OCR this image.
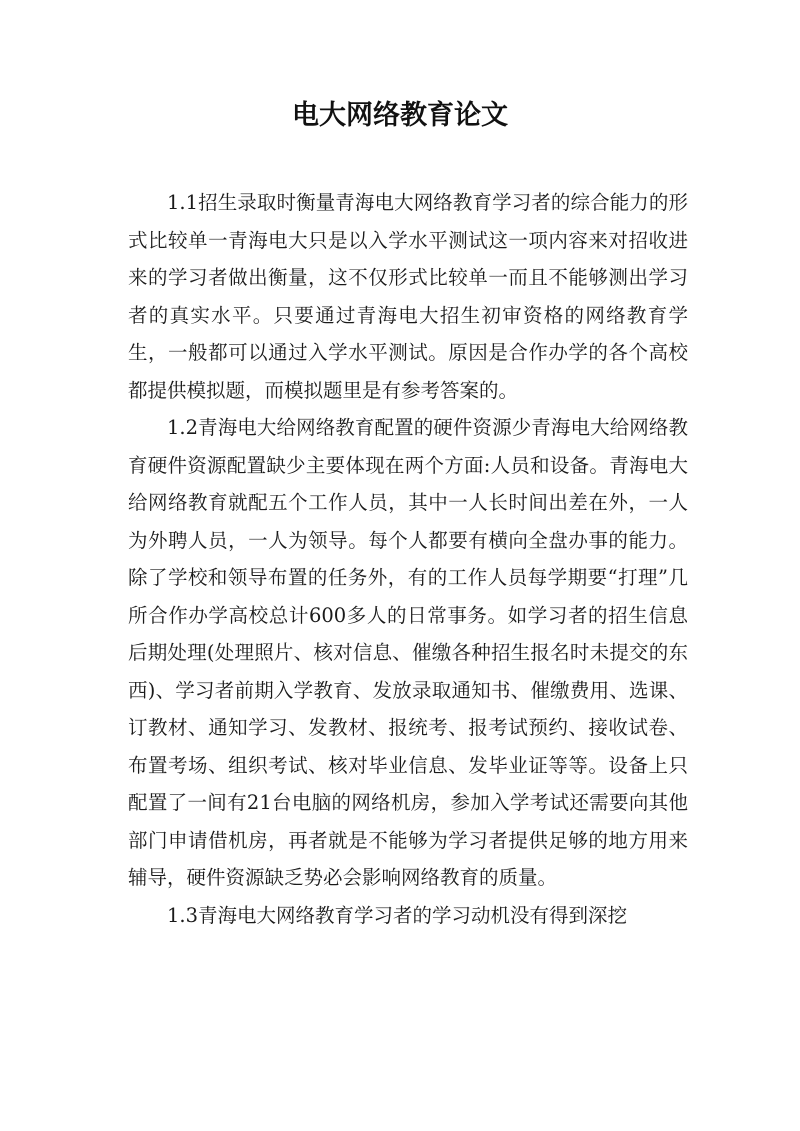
电大网络教育论文

1.1招生录取时衡量青海电大网络教育学习者的综合能力的形式比较单一青海电大只是以入学水平测试这一项内容来对招收进来的学习者做出衡量，这不仅形式比较单一而且不能够测出学习者的真实水平。只要通过青海电大招生初审资格的网络教育学生，一般都可以通过入学水平测试。原因是合作办学的各个高校都提供模拟题，而模拟题里是有参考答案的。

1.2青海电大给网络教育配置的硬件资源少青海电大给网络教育硬件资源配置缺少主要体现在两个方面:人员和设备。青海电大给网络教育就配五个工作人员，其中一人长时间出差在外，一人为外聘人员，一人为领导。每个人都要有横向全盘办事的能力。除了学校和领导布置的任务外，有的工作人员每学期要“打理”几所合作办学高校总计600多人的日常事务。如学习者的招生信息后期处理(处理照片、核对信息、催缴各种招生报名时未提交的东西)、学习者前期入学教育、发放录取通知书、催缴费用、选课、订教材、通知学习、发教材、报统考、报考试预约、接收试卷、布置考场、组织考试、核对毕业信息、发毕业证等等。设备上只配置了一间有21台电脑的网络机房，参加入学考试还需要向其他部门申请借机房，再者就是不能够为学习者提供足够的地方用来辅导，硬件资源缺乏势必会影响网络教育的质量。

1.3青海电大网络教育学习者的学习动机没有得到深挖
